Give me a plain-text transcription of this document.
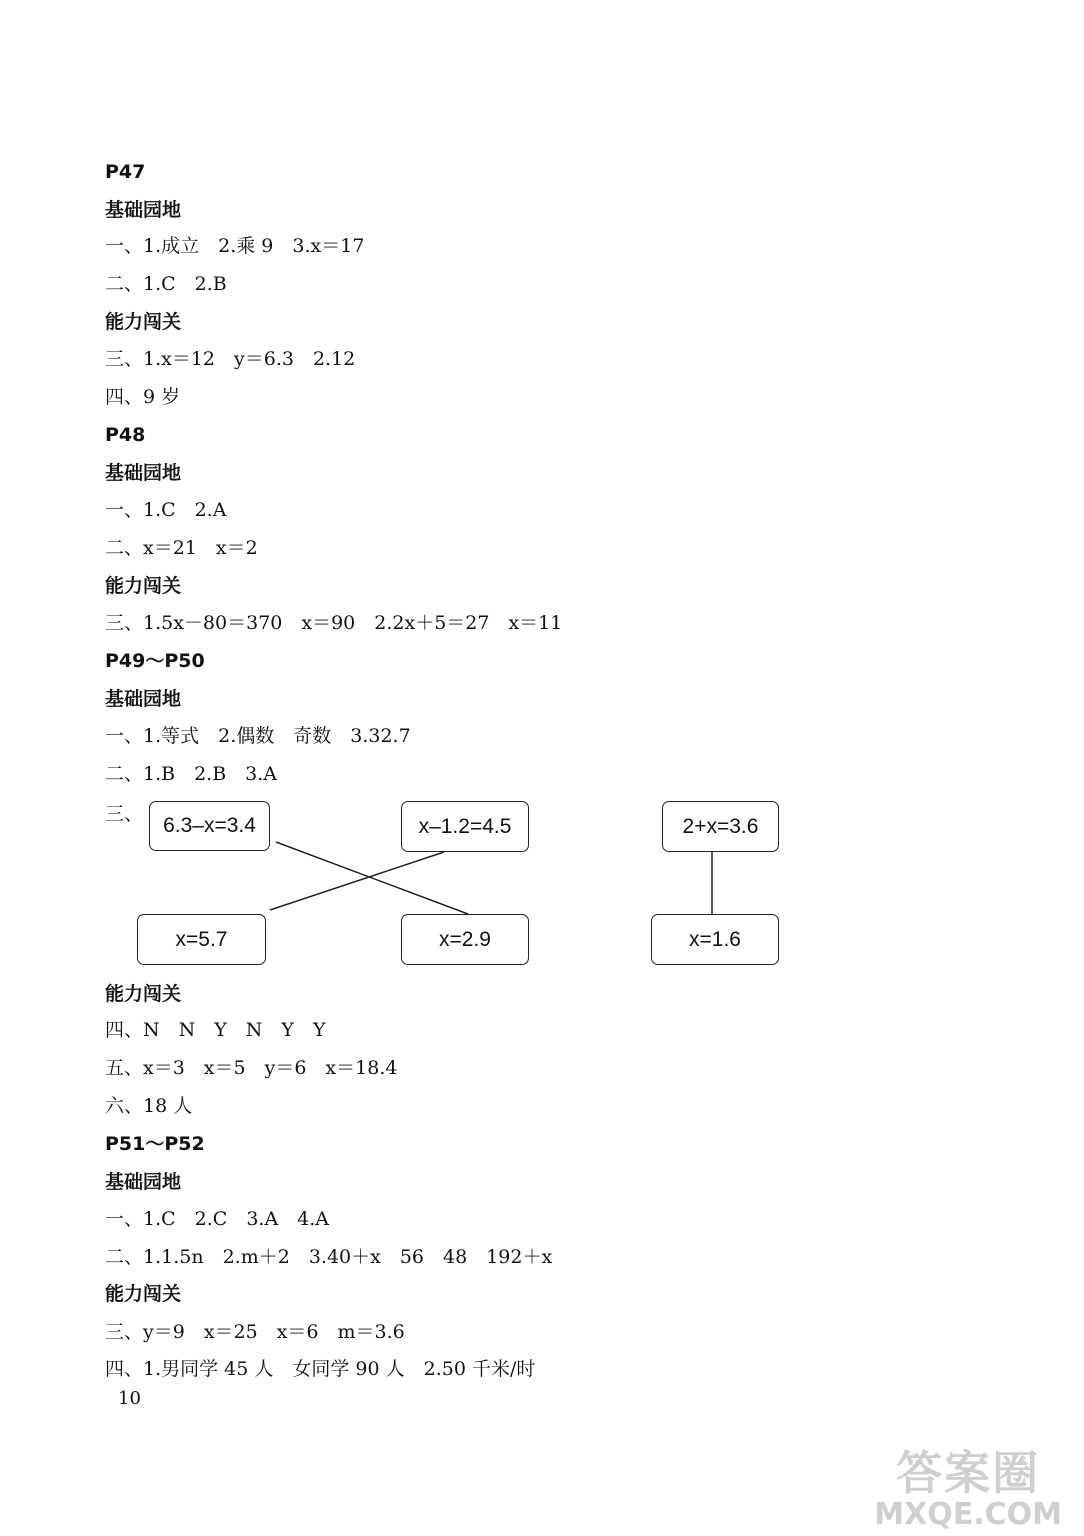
P47
基础园地
一、1.成立　2.乘 9　3.x＝17
二、1.C　2.B
能力闯关
三、1.x＝12　y＝6.3　2.12
四、9 岁
P48
基础园地
一、1.C　2.A
二、x＝21　x＝2
能力闯关
三、1.5x－80＝370　x＝90　2.2x＋5＝27　x＝11
P49～P50
基础园地
一、1.等式　2.偶数　奇数　3.32.7
二、1.B　2.B　3.A
三、
能力闯关
四、N　N　Y　N　Y　Y
五、x＝3　x＝5　y＝6　x＝18.4
六、18 人
P51～P52
基础园地
一、1.C　2.C　3.A　4.A
二、1.1.5n　2.m＋2　3.40＋x　56　48　192＋x
能力闯关
三、y＝9　x＝25　x＝6　m＝3.6
四、1.男同学 45 人　女同学 90 人　2.50 千米/时
6.3–x=3.4	x–1.2=4.5	2+x=3.6
x=5.7	x=2.9	x=1.6
10
答案圈
MXQE.COM
